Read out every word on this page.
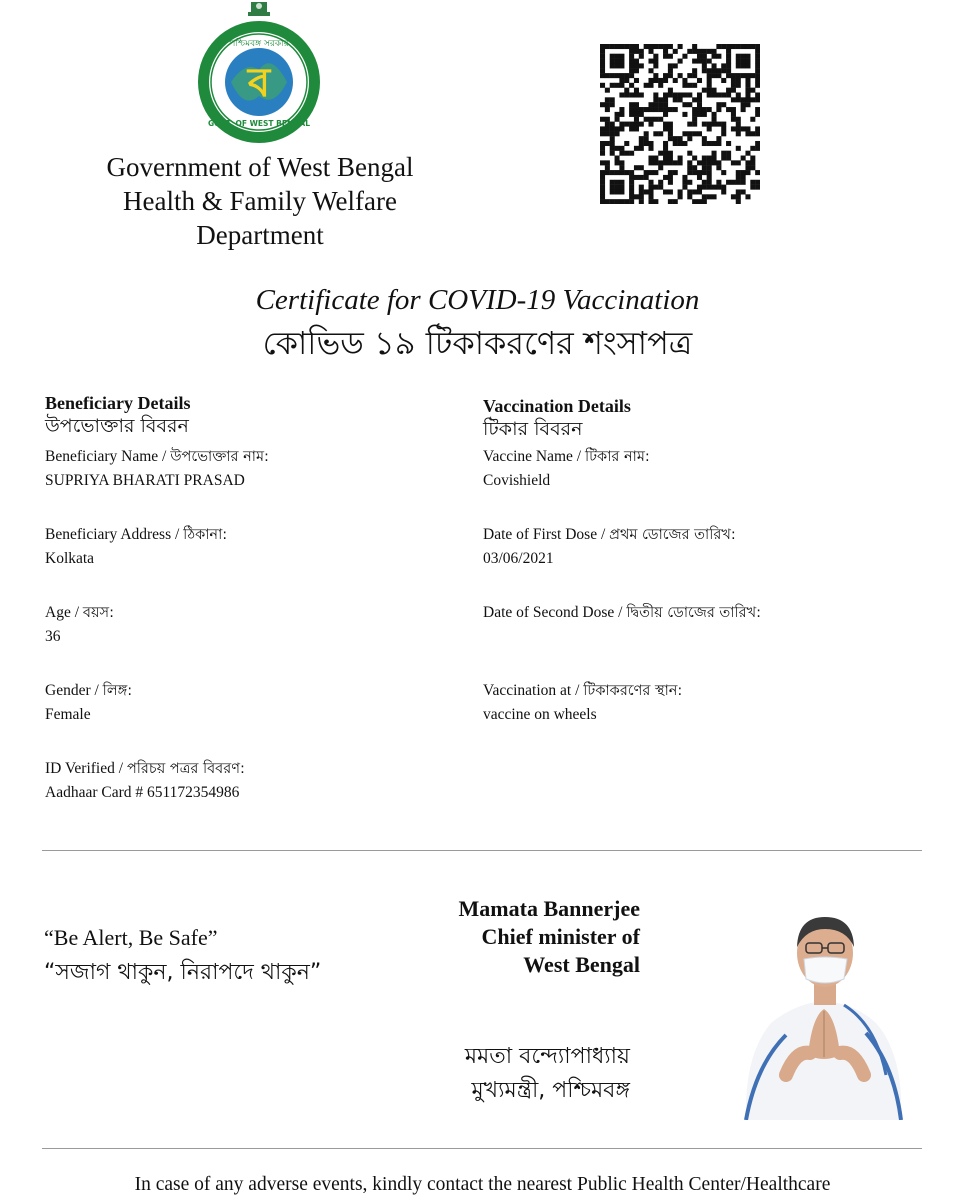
পশ্চিমবঙ্গ সরকার
ব
GOVT. OF WEST BENGAL
Government of West Bengal
Health & Family Welfare
Department
Certificate for COVID-19 Vaccination
কোভিড ১৯ টিকাকরণের শংসাপত্র
Beneficiary Details
উপভোক্তার বিবরন
Beneficiary Name / উপভোক্তার নাম:
SUPRIYA BHARATI PRASAD
Beneficiary Address / ঠিকানা:
Kolkata
Age / বয়স:
36
Gender / লিঙ্গ:
Female
ID Verified / পরিচয় পত্রর বিবরণ:
Aadhaar Card # 651172354986
Vaccination Details
টিকার বিবরন
Vaccine Name / টিকার নাম:
Covishield
Date of First Dose / প্রথম ডোজের তারিখ:
03/06/2021
Date of Second Dose / দ্বিতীয় ডোজের তারিখ:
Vaccination at / টিকাকরণের স্থান:
vaccine on wheels
“Be Alert, Be Safe”
“সজাগ থাকুন, নিরাপদে থাকুন”
Mamata Bannerjee
Chief minister of
West Bengal
মমতা বন্দ্যোপাধ্যায়
মুখ্যমন্ত্রী, পশ্চিমবঙ্গ
In case of any adverse events, kindly contact the nearest Public Health Center/Healthcare
